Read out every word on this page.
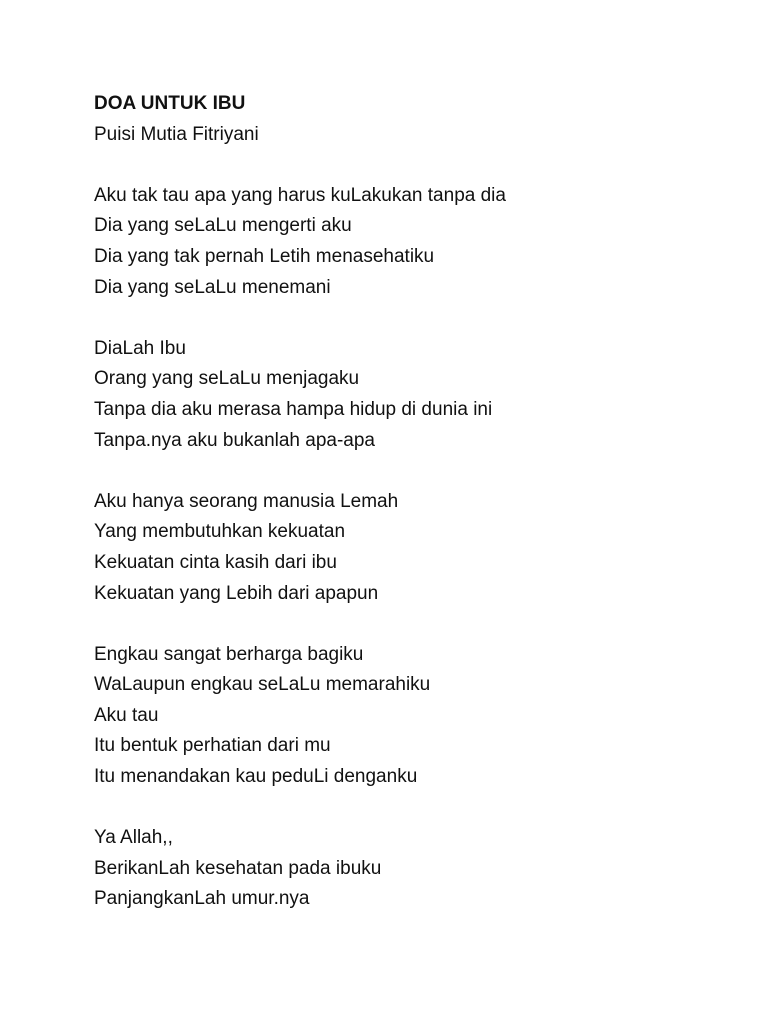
DOA UNTUK IBU
Puisi Mutia Fitriyani
Aku tak tau apa yang harus kuLakukan tanpa dia
Dia yang seLaLu mengerti aku
Dia yang tak pernah Letih menasehatiku
Dia yang seLaLu menemani
DiaLah Ibu
Orang yang seLaLu menjagaku
Tanpa dia aku merasa hampa hidup di dunia ini
Tanpa.nya aku bukanlah apa-apa
Aku hanya seorang manusia Lemah
Yang membutuhkan kekuatan
Kekuatan cinta kasih dari ibu
Kekuatan yang Lebih dari apapun
Engkau sangat berharga bagiku
WaLaupun engkau seLaLu memarahiku
Aku tau
Itu bentuk perhatian dari mu
Itu menandakan kau peduLi denganku
Ya Allah,,
BerikanLah kesehatan pada ibuku
PanjangkanLah umur.nya
